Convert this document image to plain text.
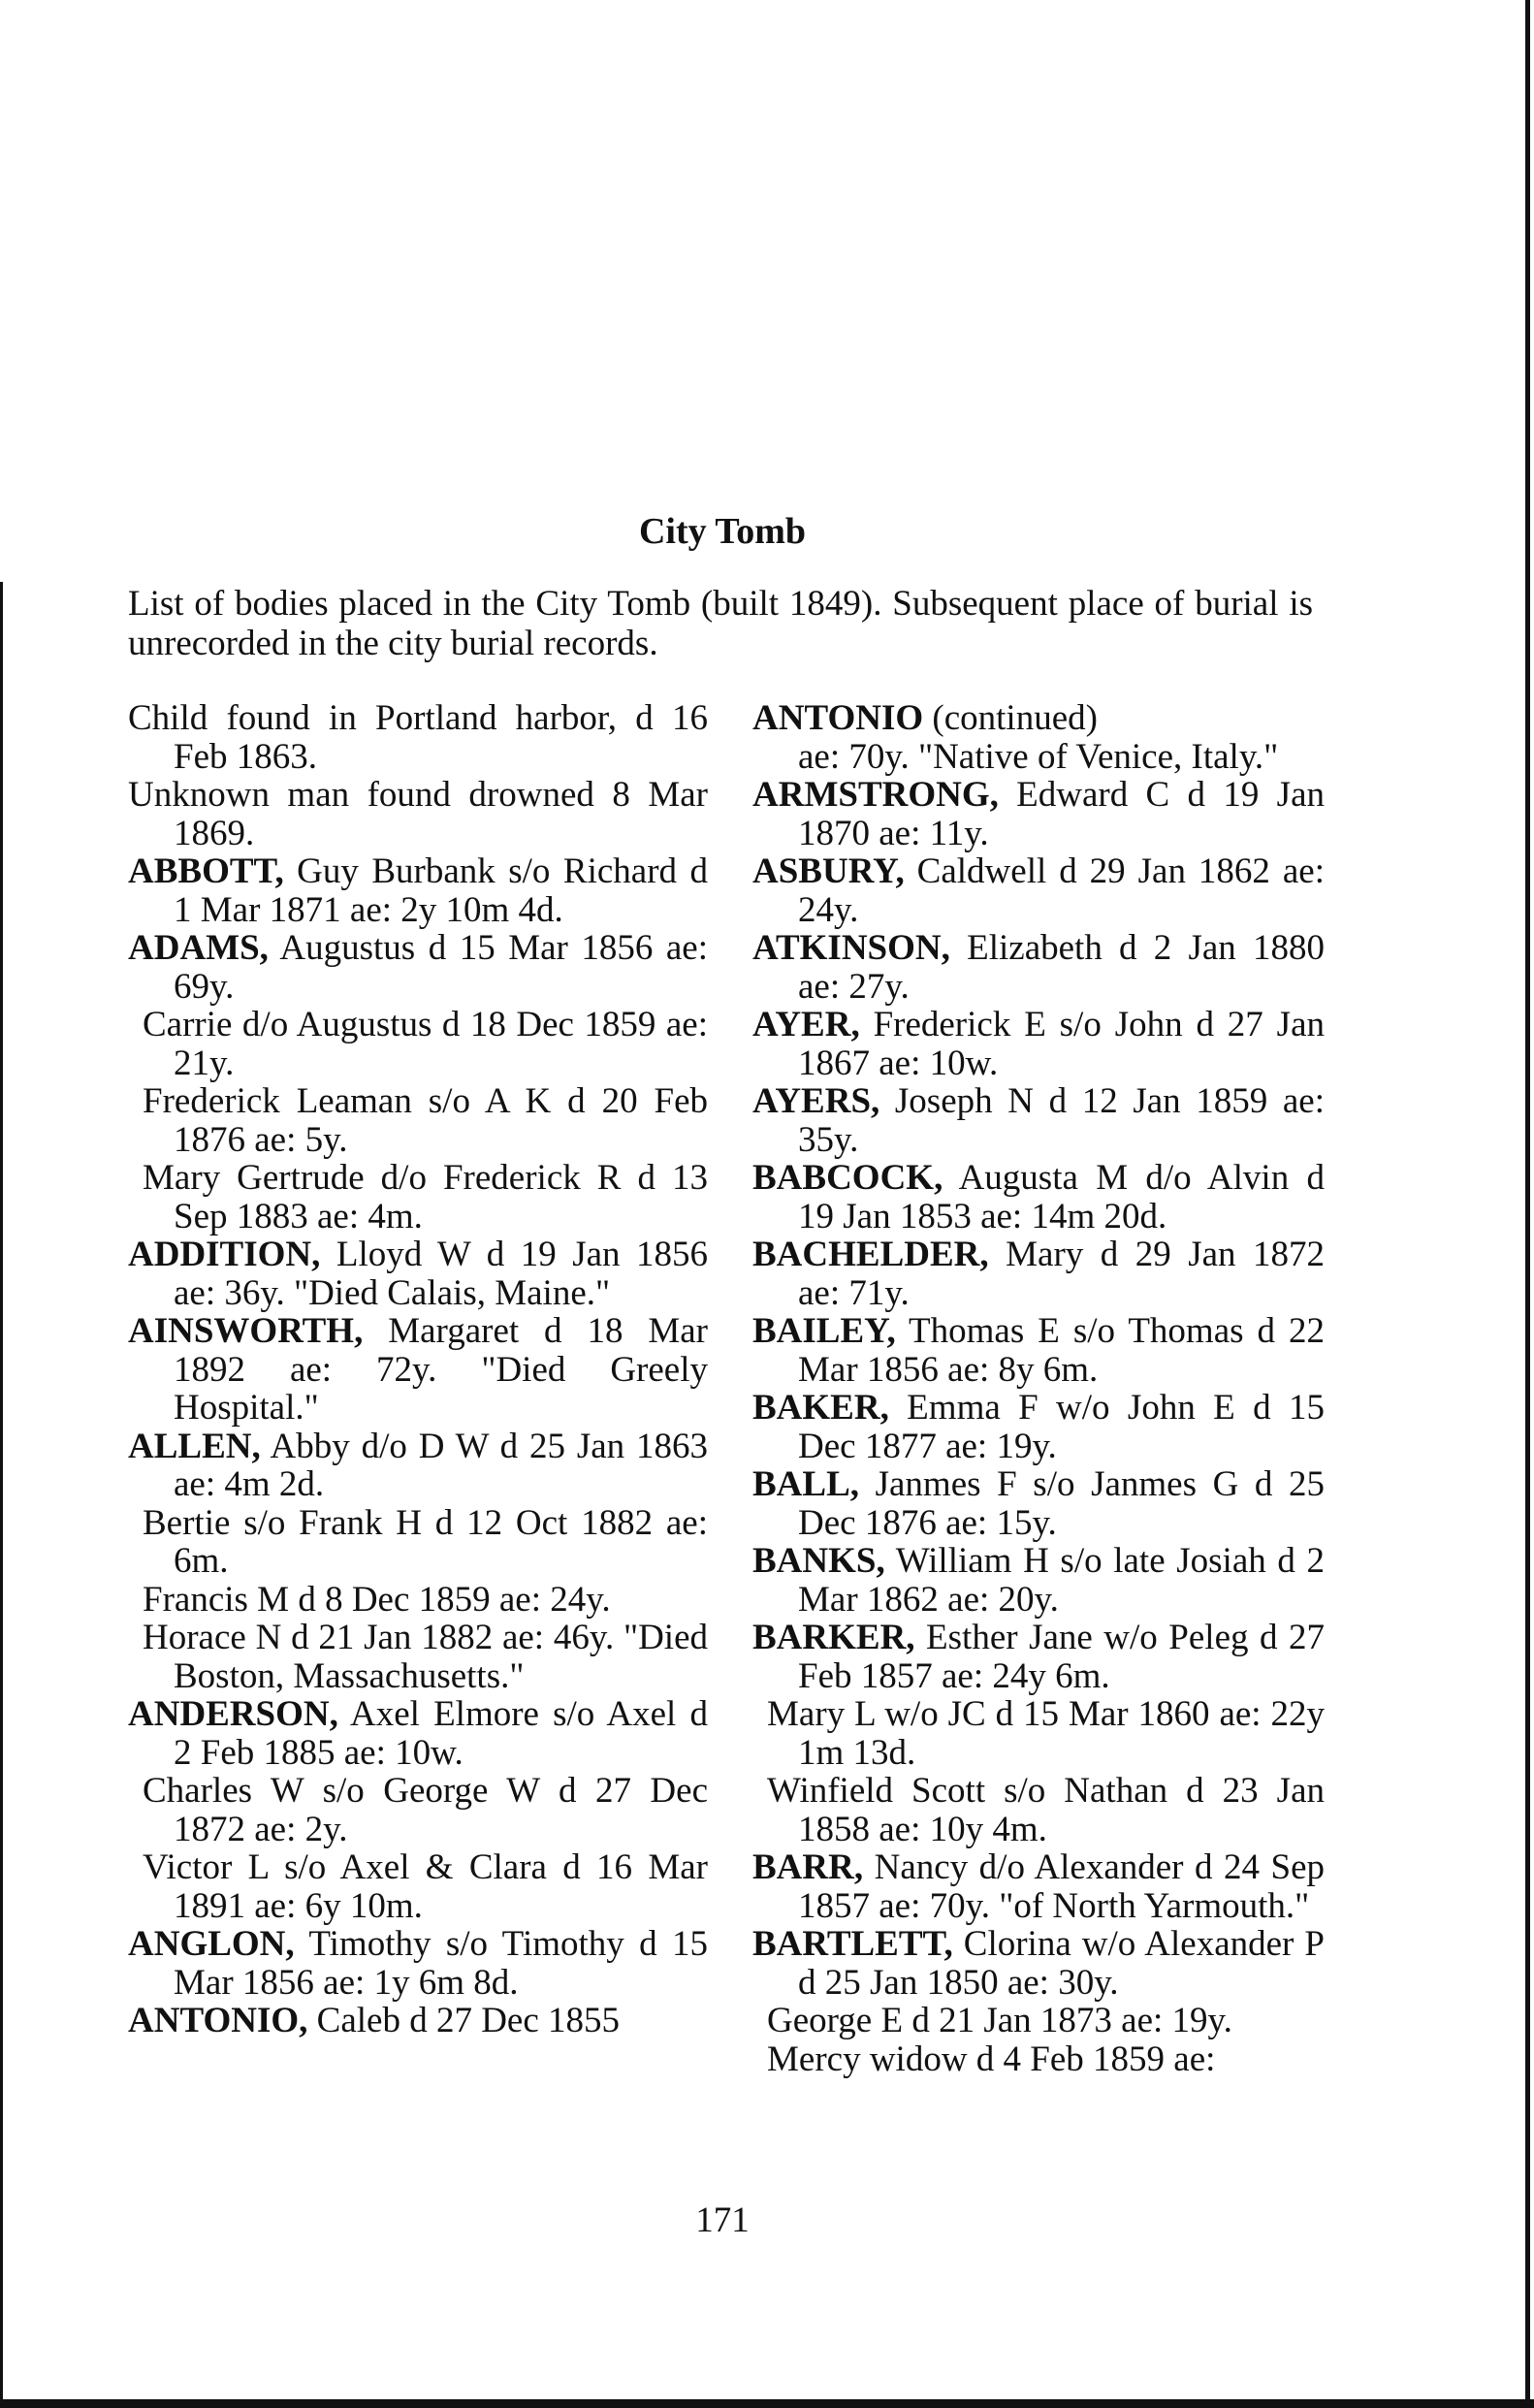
City Tomb
List of bodies placed in the City Tomb (built 1849). Subsequent place of burial is unrecorded in the city burial records.
Child found in Portland harbor, d 16 Feb 1863.
Unknown man found drowned 8 Mar 1869.
ABBOTT, Guy Burbank s/o Richard d 1 Mar 1871 ae: 2y 10m 4d.
ADAMS, Augustus d 15 Mar 1856 ae: 69y.
Carrie d/o Augustus d 18 Dec 1859 ae: 21y.
Frederick Leaman s/o A K d 20 Feb 1876 ae: 5y.
Mary Gertrude d/o Frederick R d 13 Sep 1883 ae: 4m.
ADDITION, Lloyd W d 19 Jan 1856 ae: 36y. "Died Calais, Maine."
AINSWORTH, Margaret d 18 Mar 1892 ae: 72y. "Died Greely Hospital."
ALLEN, Abby d/o D W d 25 Jan 1863 ae: 4m 2d.
Bertie s/o Frank H d 12 Oct 1882 ae: 6m.
Francis M d 8 Dec 1859 ae: 24y.
Horace N d 21 Jan 1882 ae: 46y. "Died Boston, Massachusetts."
ANDERSON, Axel Elmore s/o Axel d 2 Feb 1885 ae: 10w.
Charles W s/o George W d 27 Dec 1872 ae: 2y.
Victor L s/o Axel & Clara d 16 Mar 1891 ae: 6y 10m.
ANGLON, Timothy s/o Timothy d 15 Mar 1856 ae: 1y 6m 8d.
ANTONIO, Caleb d 27 Dec 1855
ANTONIO (continued)
ae: 70y. "Native of Venice, Italy."
ARMSTRONG, Edward C d 19 Jan 1870 ae: 11y.
ASBURY, Caldwell d 29 Jan 1862 ae: 24y.
ATKINSON, Elizabeth d 2 Jan 1880 ae: 27y.
AYER, Frederick E s/o John d 27 Jan 1867 ae: 10w.
AYERS, Joseph N d 12 Jan 1859 ae: 35y.
BABCOCK, Augusta M d/o Alvin d 19 Jan 1853 ae: 14m 20d.
BACHELDER, Mary d 29 Jan 1872 ae: 71y.
BAILEY, Thomas E s/o Thomas d 22 Mar 1856 ae: 8y 6m.
BAKER, Emma F w/o John E d 15 Dec 1877 ae: 19y.
BALL, Janmes F s/o Janmes G d 25 Dec 1876 ae: 15y.
BANKS, William H s/o late Josiah d 2 Mar 1862 ae: 20y.
BARKER, Esther Jane w/o Peleg d 27 Feb 1857 ae: 24y 6m.
Mary L w/o JC d 15 Mar 1860 ae: 22y 1m 13d.
Winfield Scott s/o Nathan d 23 Jan 1858 ae: 10y 4m.
BARR, Nancy d/o Alexander d 24 Sep 1857 ae: 70y. "of North Yarmouth."
BARTLETT, Clorina w/o Alexander P d 25 Jan 1850 ae: 30y.
George E d 21 Jan 1873 ae: 19y.
Mercy widow d 4 Feb 1859 ae:
171
